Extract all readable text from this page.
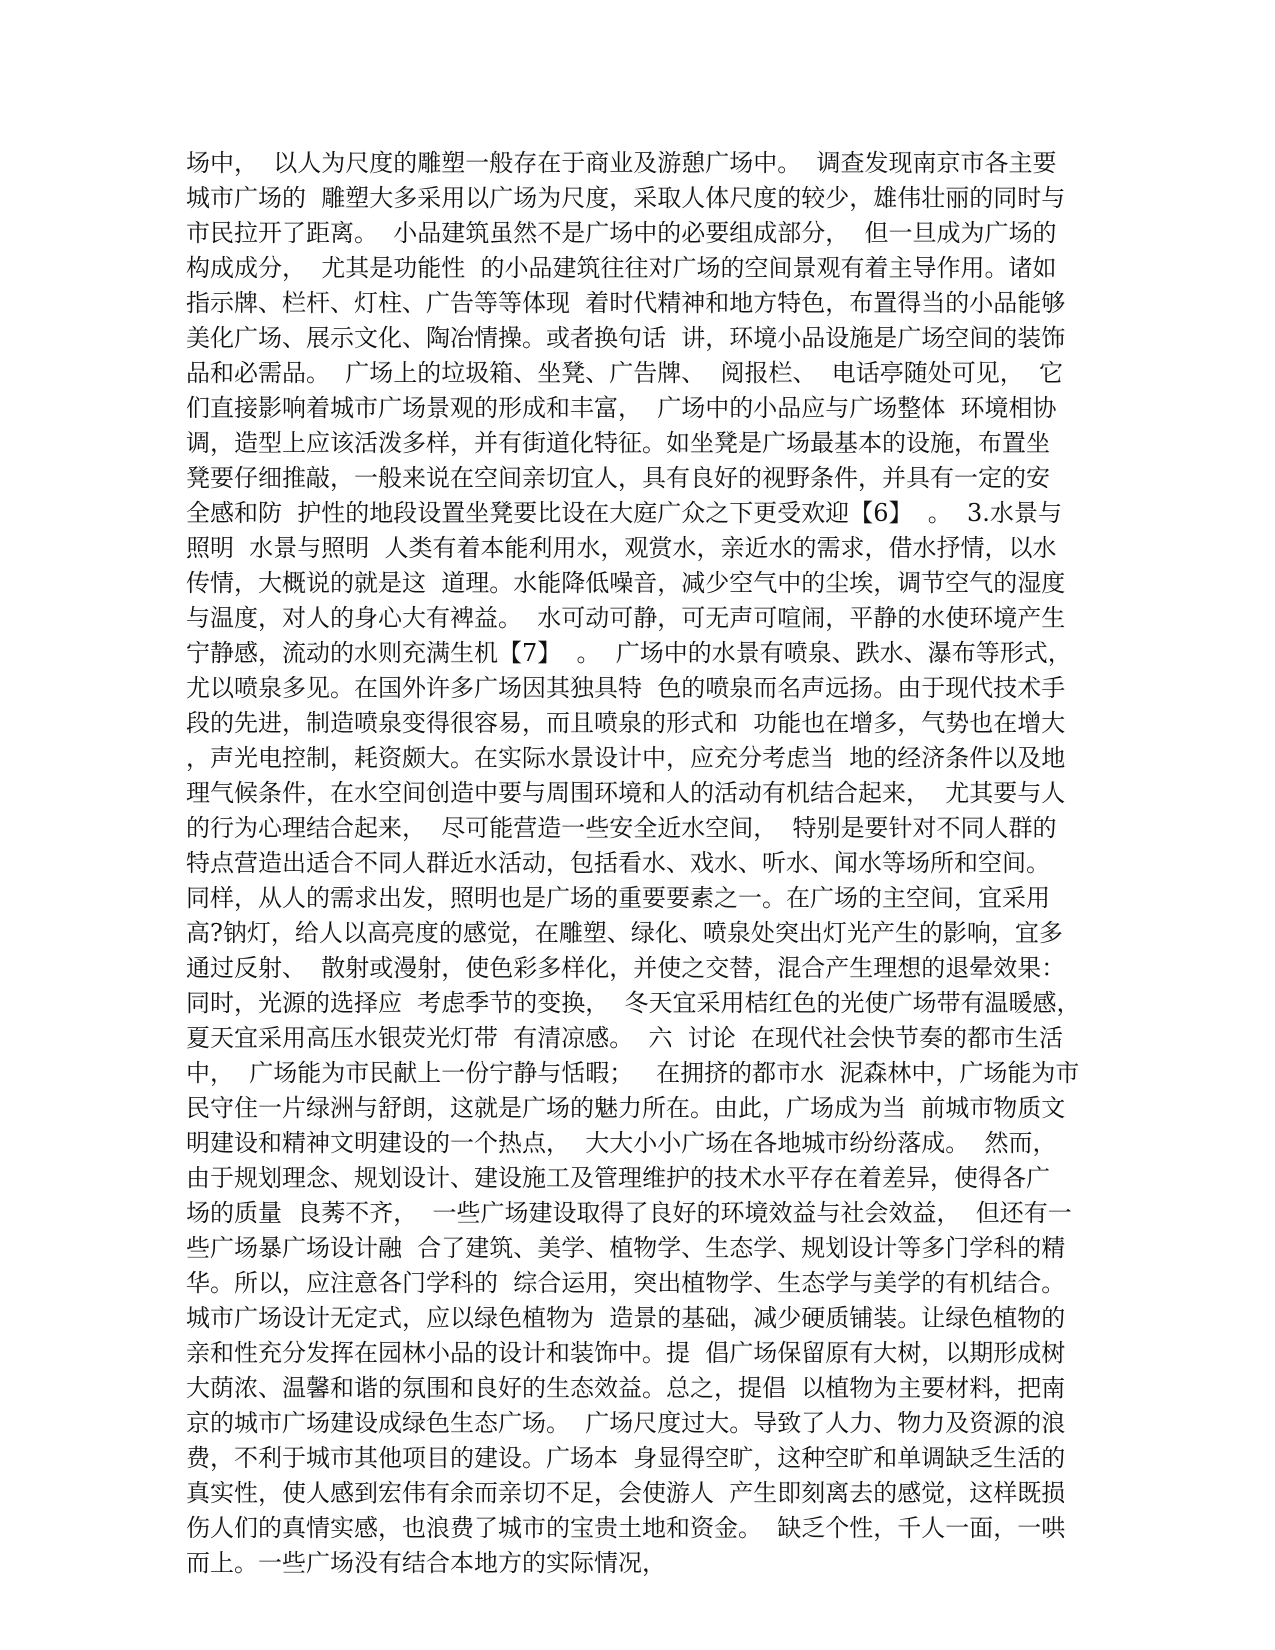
场中，  以人为尺度的雕塑一般存在于商业及游憩广场中。  调查发现南京市各主要
城市广场的  雕塑大多采用以广场为尺度，采取人体尺度的较少，雄伟壮丽的同时与
市民拉开了距离。  小品建筑虽然不是广场中的必要组成部分，  但一旦成为广场的
构成成分，  尤其是功能性  的小品建筑往往对广场的空间景观有着主导作用。诸如
指示牌、栏杆、灯柱、广告等等体现  着时代精神和地方特色，布置得当的小品能够
美化广场、展示文化、陶冶情操。或者换句话  讲，环境小品设施是广场空间的装饰
品和必需品。  广场上的垃圾箱、坐凳、广告牌、  阅报栏、  电话亭随处可见，  它
们直接影响着城市广场景观的形成和丰富，  广场中的小品应与广场整体  环境相协
调，造型上应该活泼多样，并有街道化特征。如坐凳是广场最基本的设施，布置坐
凳要仔细推敲，一般来说在空间亲切宜人，具有良好的视野条件，并具有一定的安
全感和防  护性的地段设置坐凳要比设在大庭广众之下更受欢迎【6】  。  3.水景与
照明  水景与照明  人类有着本能利用水，观赏水，亲近水的需求，借水抒情，以水
传情，大概说的就是这  道理。水能降低噪音，减少空气中的尘埃，调节空气的湿度
与温度，对人的身心大有裨益。  水可动可静，可无声可喧闹，平静的水使环境产生
宁静感，流动的水则充满生机【7】  。  广场中的水景有喷泉、跌水、瀑布等形式，
尤以喷泉多见。在国外许多广场因其独具特  色的喷泉而名声远扬。由于现代技术手
段的先进，制造喷泉变得很容易，而且喷泉的形式和  功能也在增多，气势也在增大
，声光电控制，耗资颇大。在实际水景设计中，应充分考虑当  地的经济条件以及地
理气候条件，在水空间创造中要与周围环境和人的活动有机结合起来，  尤其要与人
的行为心理结合起来，  尽可能营造一些安全近水空间，  特别是要针对不同人群的
特点营造出适合不同人群近水活动，包括看水、戏水、听水、闻水等场所和空间。
同样，从人的需求出发，照明也是广场的重要要素之一。在广场的主空间，宜采用
高?钠灯，给人以高亮度的感觉，在雕塑、绿化、喷泉处突出灯光产生的影响，宜多
通过反射、  散射或漫射，使色彩多样化，并使之交替，混合产生理想的退晕效果：
同时，光源的选择应  考虑季节的变换，  冬天宜采用桔红色的光使广场带有温暖感，
夏天宜采用高压水银荧光灯带  有清凉感。  六  讨论  在现代社会快节奏的都市生活
中，  广场能为市民献上一份宁静与恬暇；   在拥挤的都市水  泥森林中，广场能为市
民守住一片绿洲与舒朗，这就是广场的魅力所在。由此，广场成为当  前城市物质文
明建设和精神文明建设的一个热点，  大大小小广场在各地城市纷纷落成。  然而，
由于规划理念、规划设计、建设施工及管理维护的技术水平存在着差异，使得各广
场的质量  良莠不齐，  一些广场建设取得了良好的环境效益与社会效益，  但还有一
些广场暴广场设计融  合了建筑、美学、植物学、生态学、规划设计等多门学科的精
华。所以，应注意各门学科的  综合运用，突出植物学、生态学与美学的有机结合。
城市广场设计无定式，应以绿色植物为  造景的基础，减少硬质铺装。让绿色植物的
亲和性充分发挥在园林小品的设计和装饰中。提  倡广场保留原有大树，以期形成树
大荫浓、温馨和谐的氛围和良好的生态效益。总之，提倡  以植物为主要材料，把南
京的城市广场建设成绿色生态广场。  广场尺度过大。导致了人力、物力及资源的浪
费，不利于城市其他项目的建设。广场本  身显得空旷，这种空旷和单调缺乏生活的
真实性，使人感到宏伟有余而亲切不足，会使游人  产生即刻离去的感觉，这样既损
伤人们的真情实感，也浪费了城市的宝贵土地和资金。  缺乏个性，千人一面，一哄
而上。一些广场没有结合本地方的实际情况，
